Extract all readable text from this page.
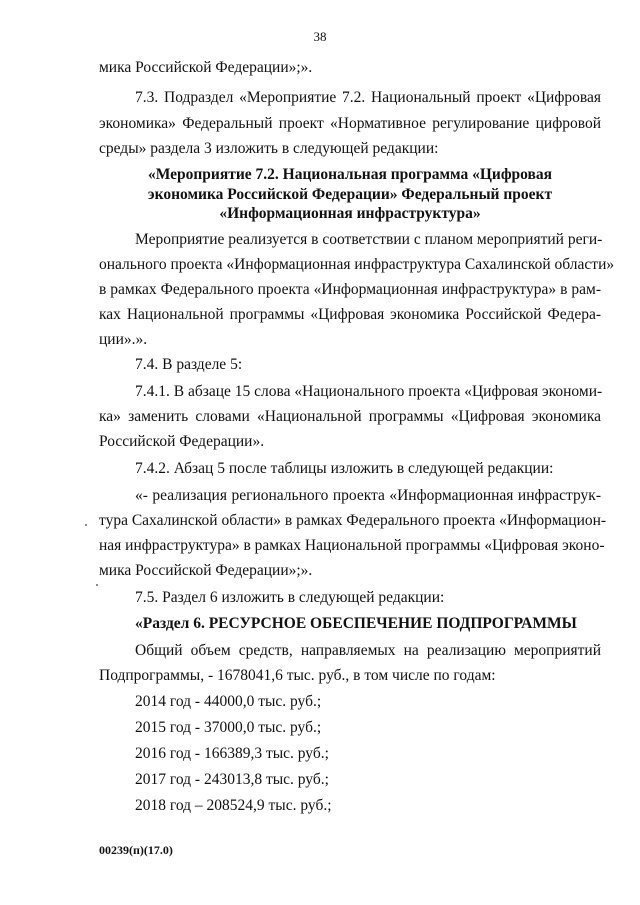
38
мика Российской Федерации»;».
7.3. Подраздел «Мероприятие 7.2. Национальный проект «Цифровая
экономика» Федеральный проект «Нормативное регулирование цифровой
среды» раздела 3 изложить в следующей редакции:
«Мероприятие 7.2. Национальная программа «Цифровая
экономика Российской Федерации» Федеральный проект
«Информационная инфраструктура»
Мероприятие реализуется в соответствии с планом мероприятий реги-
онального проекта «Информационная инфраструктура Сахалинской области»
в рамках Федерального проекта «Информационная инфраструктура» в рам-
ках Национальной программы «Цифровая экономика Российской Федера-
ции».».
7.4. В разделе 5:
7.4.1. В абзаце 15 слова «Национального проекта «Цифровая экономи-
ка» заменить словами «Национальной программы «Цифровая экономика
Российской Федерации».
7.4.2. Абзац 5 после таблицы изложить в следующей редакции:
«- реализация регионального проекта «Информационная инфраструк-
тура Сахалинской области» в рамках Федерального проекта «Информацион-
ная инфраструктура» в рамках Национальной программы «Цифровая эконо-
мика Российской Федерации»;».
7.5. Раздел 6 изложить в следующей редакции:
«Раздел 6. РЕСУРСНОЕ ОБЕСПЕЧЕНИЕ ПОДПРОГРАММЫ
Общий объем средств, направляемых на реализацию мероприятий
Подпрограммы, - 1678041,6 тыс. руб., в том числе по годам:
2014 год - 44000,0 тыс. руб.;
2015 год - 37000,0 тыс. руб.;
2016 год - 166389,3 тыс. руб.;
2017 год - 243013,8 тыс. руб.;
2018 год – 208524,9 тыс. руб.;
00239(п)(17.0)
